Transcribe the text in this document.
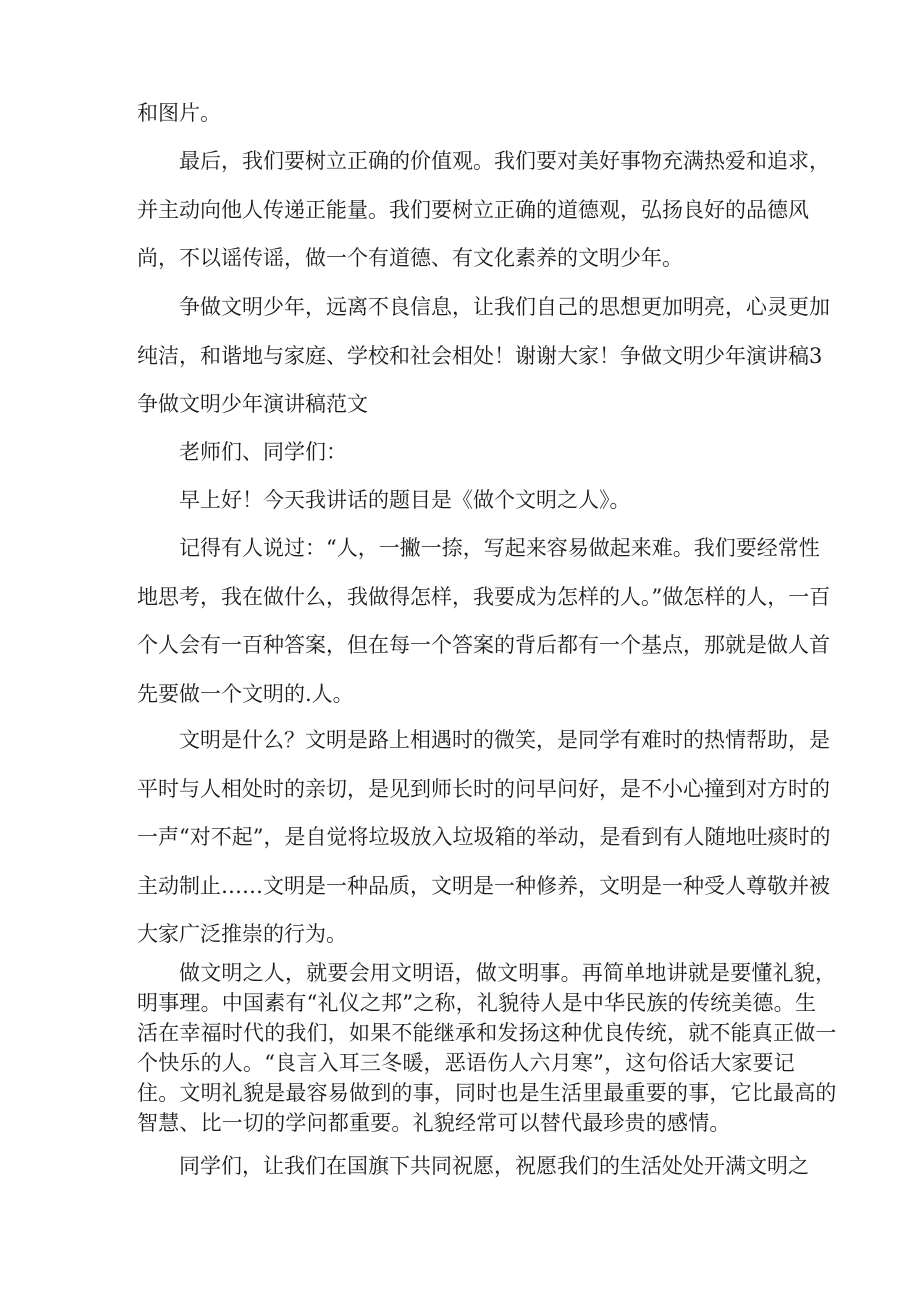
和图片。

最后，我们要树立正确的价值观。我们要对美好事物充满热爱和追求，并主动向他人传递正能量。我们要树立正确的道德观，弘扬良好的品德风尚，不以谣传谣，做一个有道德、有文化素养的文明少年。

争做文明少年，远离不良信息，让我们自己的思想更加明亮，心灵更加纯洁，和谐地与家庭、学校和社会相处！谢谢大家！争做文明少年演讲稿3争做文明少年演讲稿范文

老师们、同学们：

早上好！今天我讲话的题目是《做个文明之人》。

记得有人说过：“人，一撇一捺，写起来容易做起来难。我们要经常性地思考，我在做什么，我做得怎样，我要成为怎样的人。”做怎样的人，一百个人会有一百种答案，但在每一个答案的背后都有一个基点，那就是做人首先要做一个文明的.人。

文明是什么？文明是路上相遇时的微笑，是同学有难时的热情帮助，是平时与人相处时的亲切，是见到师长时的问早问好，是不小心撞到对方时的一声“对不起”，是自觉将垃圾放入垃圾箱的举动，是看到有人随地吐痰时的主动制止……文明是一种品质，文明是一种修养，文明是一种受人尊敬并被大家广泛推崇的行为。

做文明之人，就要会用文明语，做文明事。再简单地讲就是要懂礼貌，明事理。中国素有“礼仪之邦”之称，礼貌待人是中华民族的传统美德。生活在幸福时代的我们，如果不能继承和发扬这种优良传统，就不能真正做一个快乐的人。“良言入耳三冬暖，恶语伤人六月寒”，这句俗话大家要记住。文明礼貌是最容易做到的事，同时也是生活里最重要的事，它比最高的智慧、比一切的学问都重要。礼貌经常可以替代最珍贵的感情。

同学们，让我们在国旗下共同祝愿，祝愿我们的生活处处开满文明之
